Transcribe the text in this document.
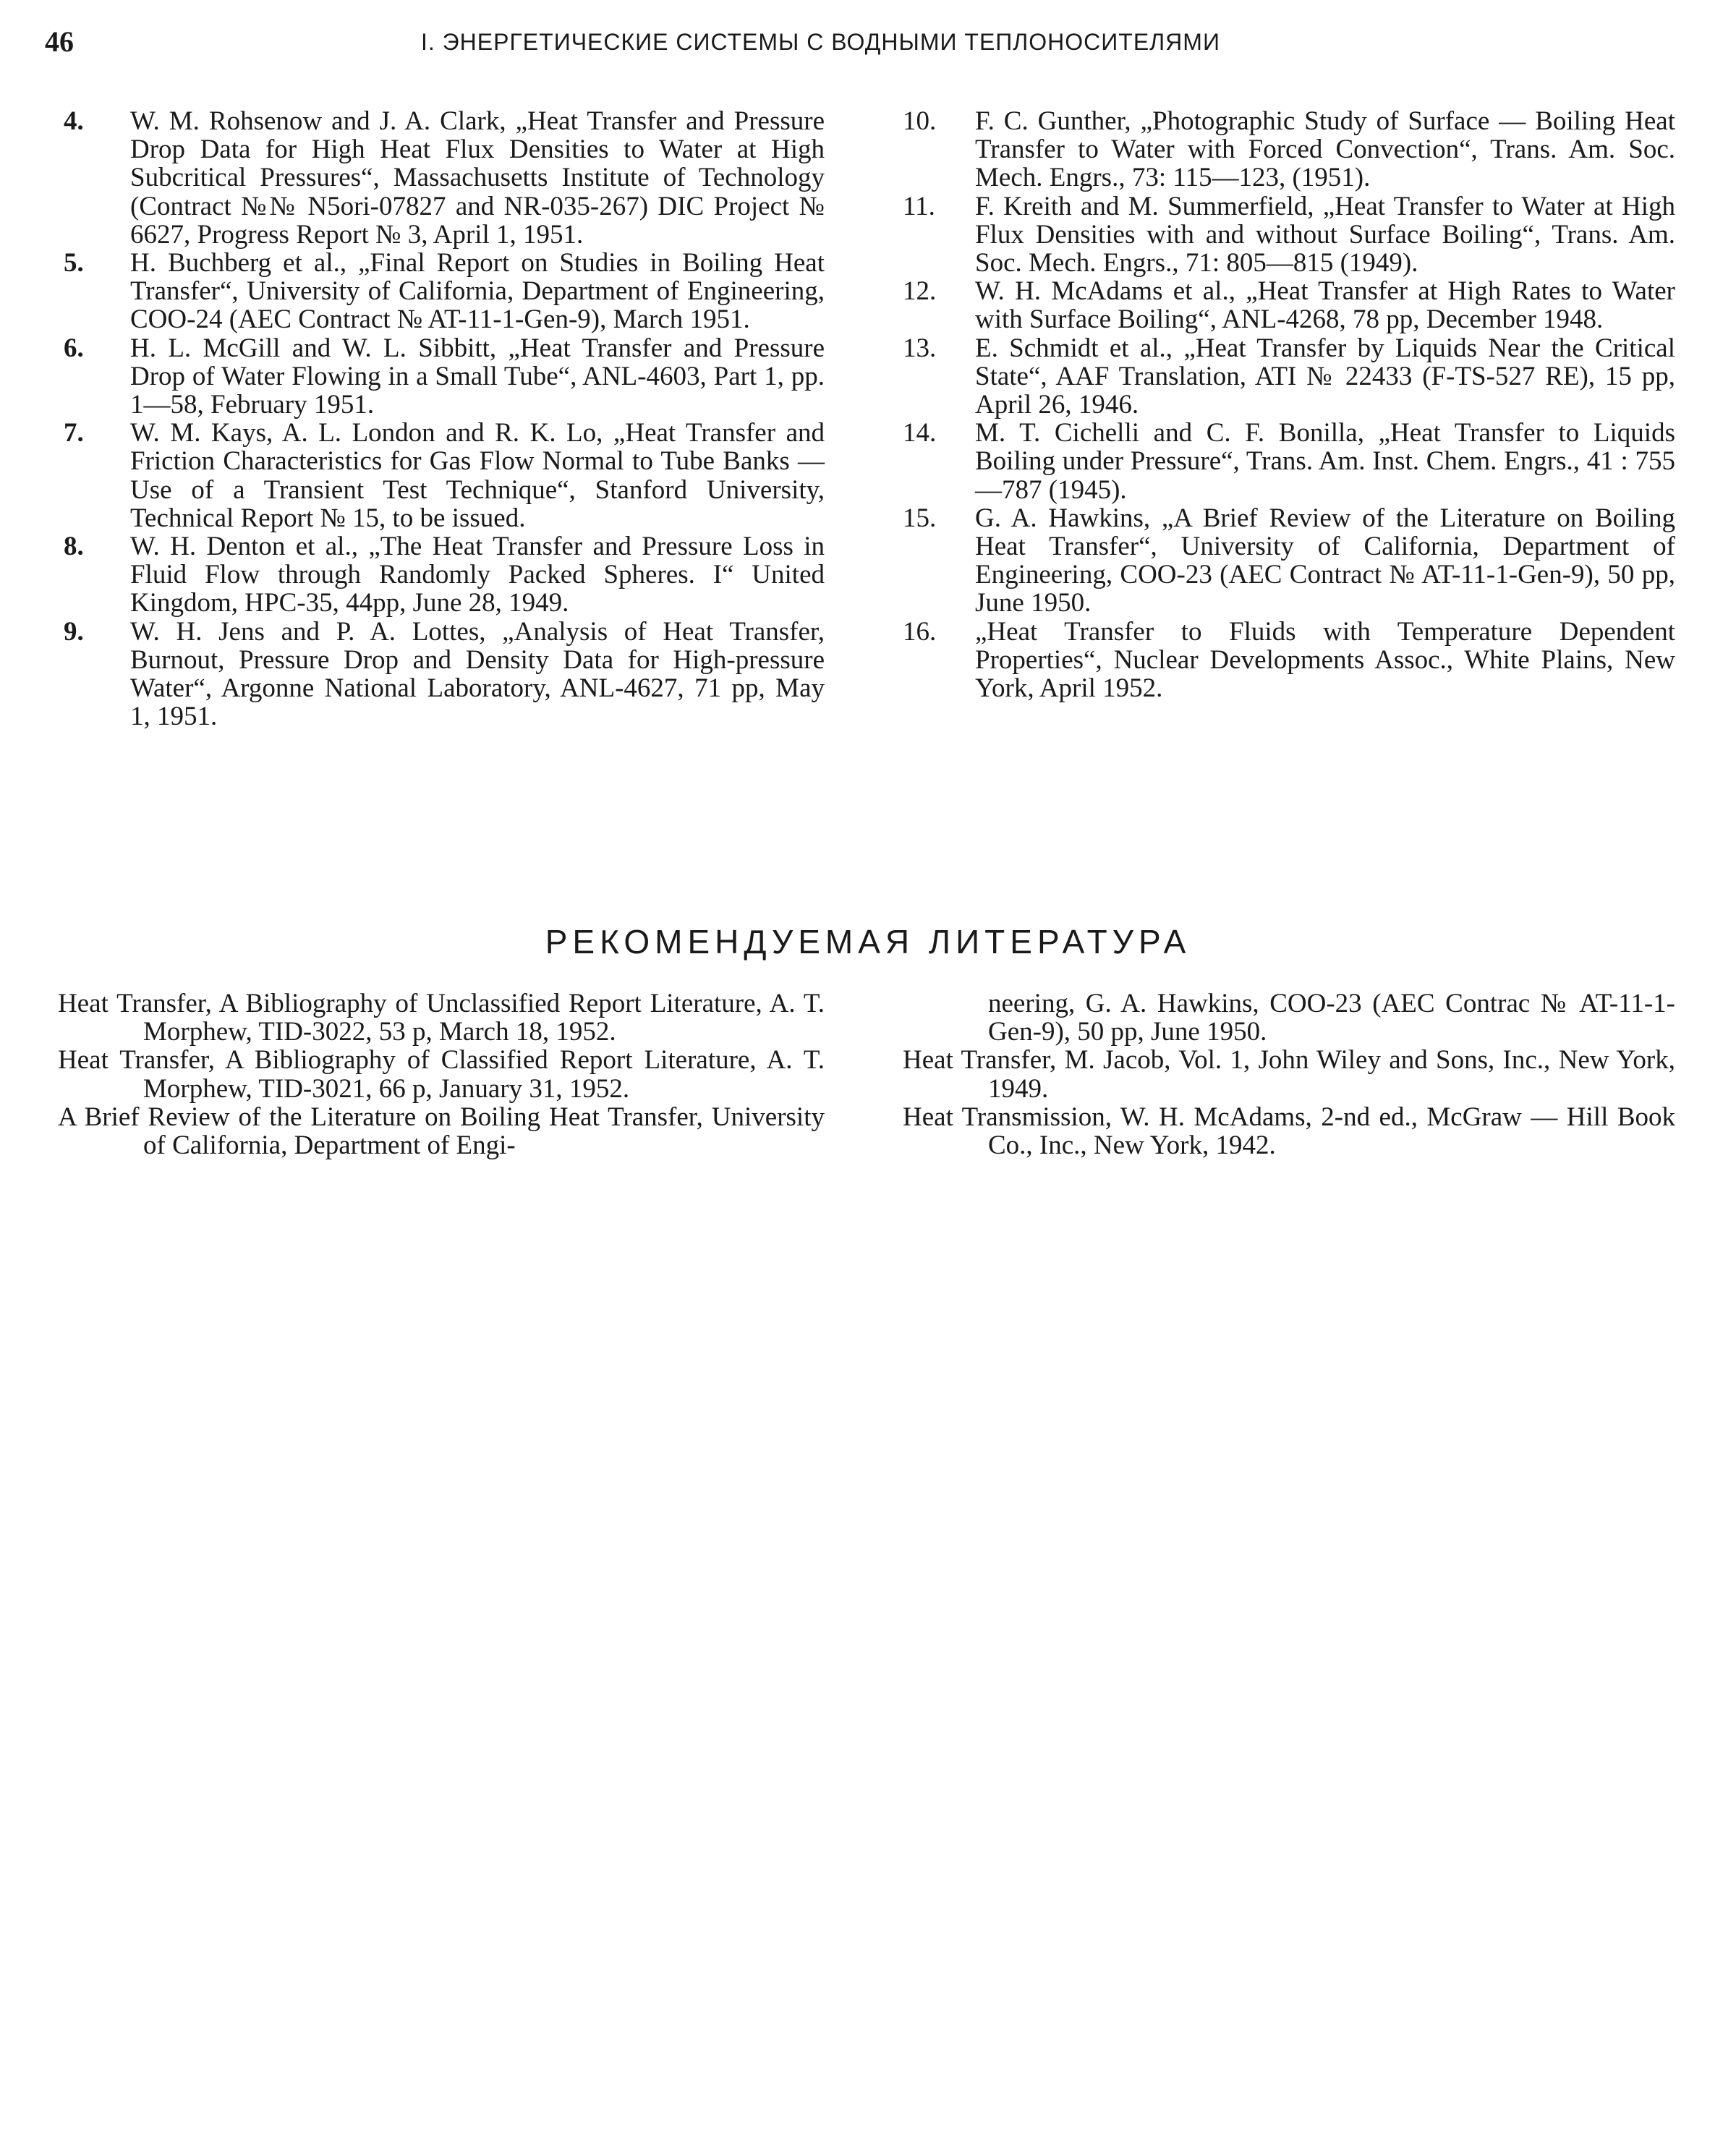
46	I. ЭНЕРГЕТИЧЕСКИЕ СИСТЕМЫ С ВОДНЫМИ ТЕПЛОНОСИТЕЛЯМИ

4.	W. M. Rohsenow and J. A. Clark, „Heat Transfer and Pressure Drop Data for High Heat Flux Densities to Water at High Subcritical Pressures“, Massachusetts Institute of Technology (Contract №№ N5ori-07827 and NR-035-267) DIC Project № 6627, Progress Report № 3, April 1, 1951.

5.	H. Buchberg et al., „Final Report on Studies in Boiling Heat Transfer“, University of California, Department of Engineering, COO-24 (AEC Contract № AT-11-1-Gen-9), March 1951.

6.	H. L. McGill and W. L. Sibbitt, „Heat Transfer and Pressure Drop of Water Flowing in a Small Tube“, ANL-4603, Part 1, pp. 1—58, February 1951.

7.	W. M. Kays, A. L. London and R. K. Lo, „Heat Transfer and Friction Characteristics for Gas Flow Normal to Tube Banks — Use of a Transient Test Technique“, Stanford University, Technical Report № 15, to be issued.

8.	W. H. Denton et al., „The Heat Transfer and Pressure Loss in Fluid Flow through Randomly Packed Spheres. I“ United Kingdom, HPC-35, 44pp, June 28, 1949.

9.	W. H. Jens and P. A. Lottes, „Analysis of Heat Transfer, Burnout, Pressure Drop and Density Data for High-pressure Water“, Argonne National Laboratory, ANL-4627, 71 pp, May 1, 1951.

10.	F. C. Gunther, „Photographic Study of Surface — Boiling Heat Transfer to Water with Forced Convection“, Trans. Am. Soc. Mech. Engrs., 73: 115—123, (1951).

11.	F. Kreith and M. Summerfield, „Heat Transfer to Water at High Flux Densities with and without Surface Boiling“, Trans. Am. Soc. Mech. Engrs., 71: 805—815 (1949).

12.	W. H. McAdams et al., „Heat Transfer at High Rates to Water with Surface Boiling“, ANL-4268, 78 pp, December 1948.

13.	E. Schmidt et al., „Heat Transfer by Liquids Near the Critical State“, AAF Translation, ATI № 22433 (F-TS-527 RE), 15 pp, April 26, 1946.

14.	M. T. Cichelli and C. F. Bonilla, „Heat Transfer to Liquids Boiling under Pressure“, Trans. Am. Inst. Chem. Engrs., 41 : 755—787 (1945).

15.	G. A. Hawkins, „A Brief Review of the Literature on Boiling Heat Transfer“, University of California, Department of Engineering, COO-23 (AEC Contract № AT-11-1-Gen-9), 50 pp, June 1950.

16.	„Heat Transfer to Fluids with Temperature Dependent Properties“, Nuclear Developments Assoc., White Plains, New York, April 1952.

РЕКОМЕНДУЕМАЯ ЛИТЕРАТУРА

Heat Transfer, A Bibliography of Unclassified Report Literature, A. T. Morphew, TID-3022, 53 p, March 18, 1952.

Heat Transfer, A Bibliography of Classified Report Literature, A. T. Morphew, TID-3021, 66 p, January 31, 1952.

A Brief Review of the Literature on Boiling Heat Transfer, University of California, Department of Engi-

neering, G. A. Hawkins, COO-23 (AEC Contrac № AT-11-1-Gen-9), 50 pp, June 1950.

Heat Transfer, M. Jacob, Vol. 1, John Wiley and Sons, Inc., New York, 1949.

Heat Transmission, W. H. McAdams, 2-nd ed., McGraw — Hill Book Co., Inc., New York, 1942.
